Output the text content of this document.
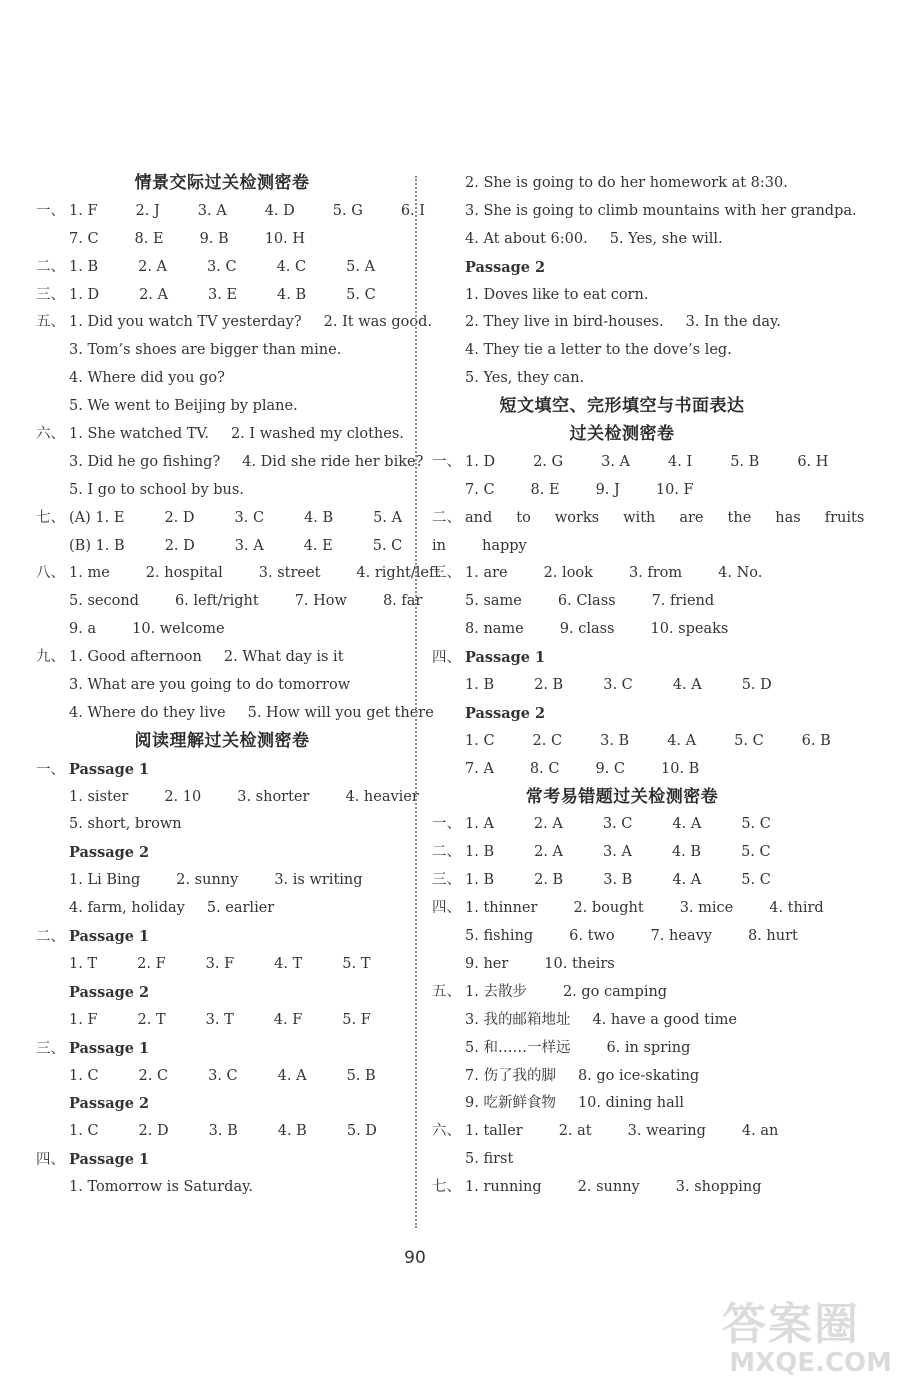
情景交际过关检测密卷
一、 1. F	2. J	3. A	4. D	5. G	6. I
7. C 8. E 9. B 10. H
二、 1. B	2. A	3. C	4. C	5. A
三、 1. D	2. A	3. E	4. B	5. C
五、 1. Did you watch TV yesterday? 2. It was good.
3. Tom’s shoes are bigger than mine.
4. Where did you go?
5. We went to Beijing by plane.
六、 1. She watched TV. 2. I washed my clothes.
3. Did he go fishing? 4. Did she ride her bike?
5. I go to school by bus.
七、 (A) 1. E	2. D	3. C	4. B	5. A
(B) 1. B	2. D	3. A	4. E	5. C
八、 1. me 2. hospital 3. street 4. right/left
5. second 6. left/right 7. How 8. far
9. a 10. welcome
九、 1. Good afternoon 2. What day is it
3. What are you going to do tomorrow
4. Where do they live 5. How will you get there
阅读理解过关检测密卷
一、 Passage 1
1. sister 2. 10 3. shorter 4. heavier
5. short, brown
Passage 2
1. Li Bing 2. sunny 3. is writing
4. farm, holiday 5. earlier
二、 Passage 1
1. T	2. F	3. F	4. T	5. T
Passage 2
1. F	2. T	3. T	4. F	5. F
三、 Passage 1
1. C	2. C	3. C	4. A	5. B
Passage 2
1. C	2. D	3. B	4. B	5. D
四、 Passage 1
1. Tomorrow is Saturday.
2. She is going to do her homework at 8:30.
3. She is going to climb mountains with her grandpa.
4. At about 6:00. 5. Yes, she will.
Passage 2
1. Doves like to eat corn.
2. They live in bird-houses. 3. In the day.
4. They tie a letter to the dove’s leg.
5. Yes, they can.
短文填空、完形填空与书面表达
过关检测密卷
一、 1. D	2. G	3. A	4. I	5. B	6. H
7. C 8. E 9. J 10. F
二、 and to works with are the has fruits
in happy
三、 1. are 2. look 3. from 4. No.
5. same 6. Class 7. friend
8. name 9. class 10. speaks
四、 Passage 1
1. B	2. B	3. C	4. A	5. D
Passage 2
1. C	2. C	3. B	4. A	5. C	6. B
7. A 8. C 9. C 10. B
常考易错题过关检测密卷
一、 1. A	2. A	3. C	4. A	5. C
二、 1. B	2. A	3. A	4. B	5. C
三、 1. B	2. B	3. B	4. A	5. C
四、 1. thinner 2. bought 3. mice 4. third
5. fishing 6. two 7. heavy 8. hurt
9. her 10. theirs
五、 1. 去散步 2. go camping
3. 我的邮箱地址 4. have a good time
5. 和……一样远 6. in spring
7. 伤了我的脚 8. go ice-skating
9. 吃新鲜食物 10. dining hall
六、 1. taller 2. at 3. wearing 4. an
5. first
七、 1. running 2. sunny 3. shopping
90
答案圈
MXQE.COM
